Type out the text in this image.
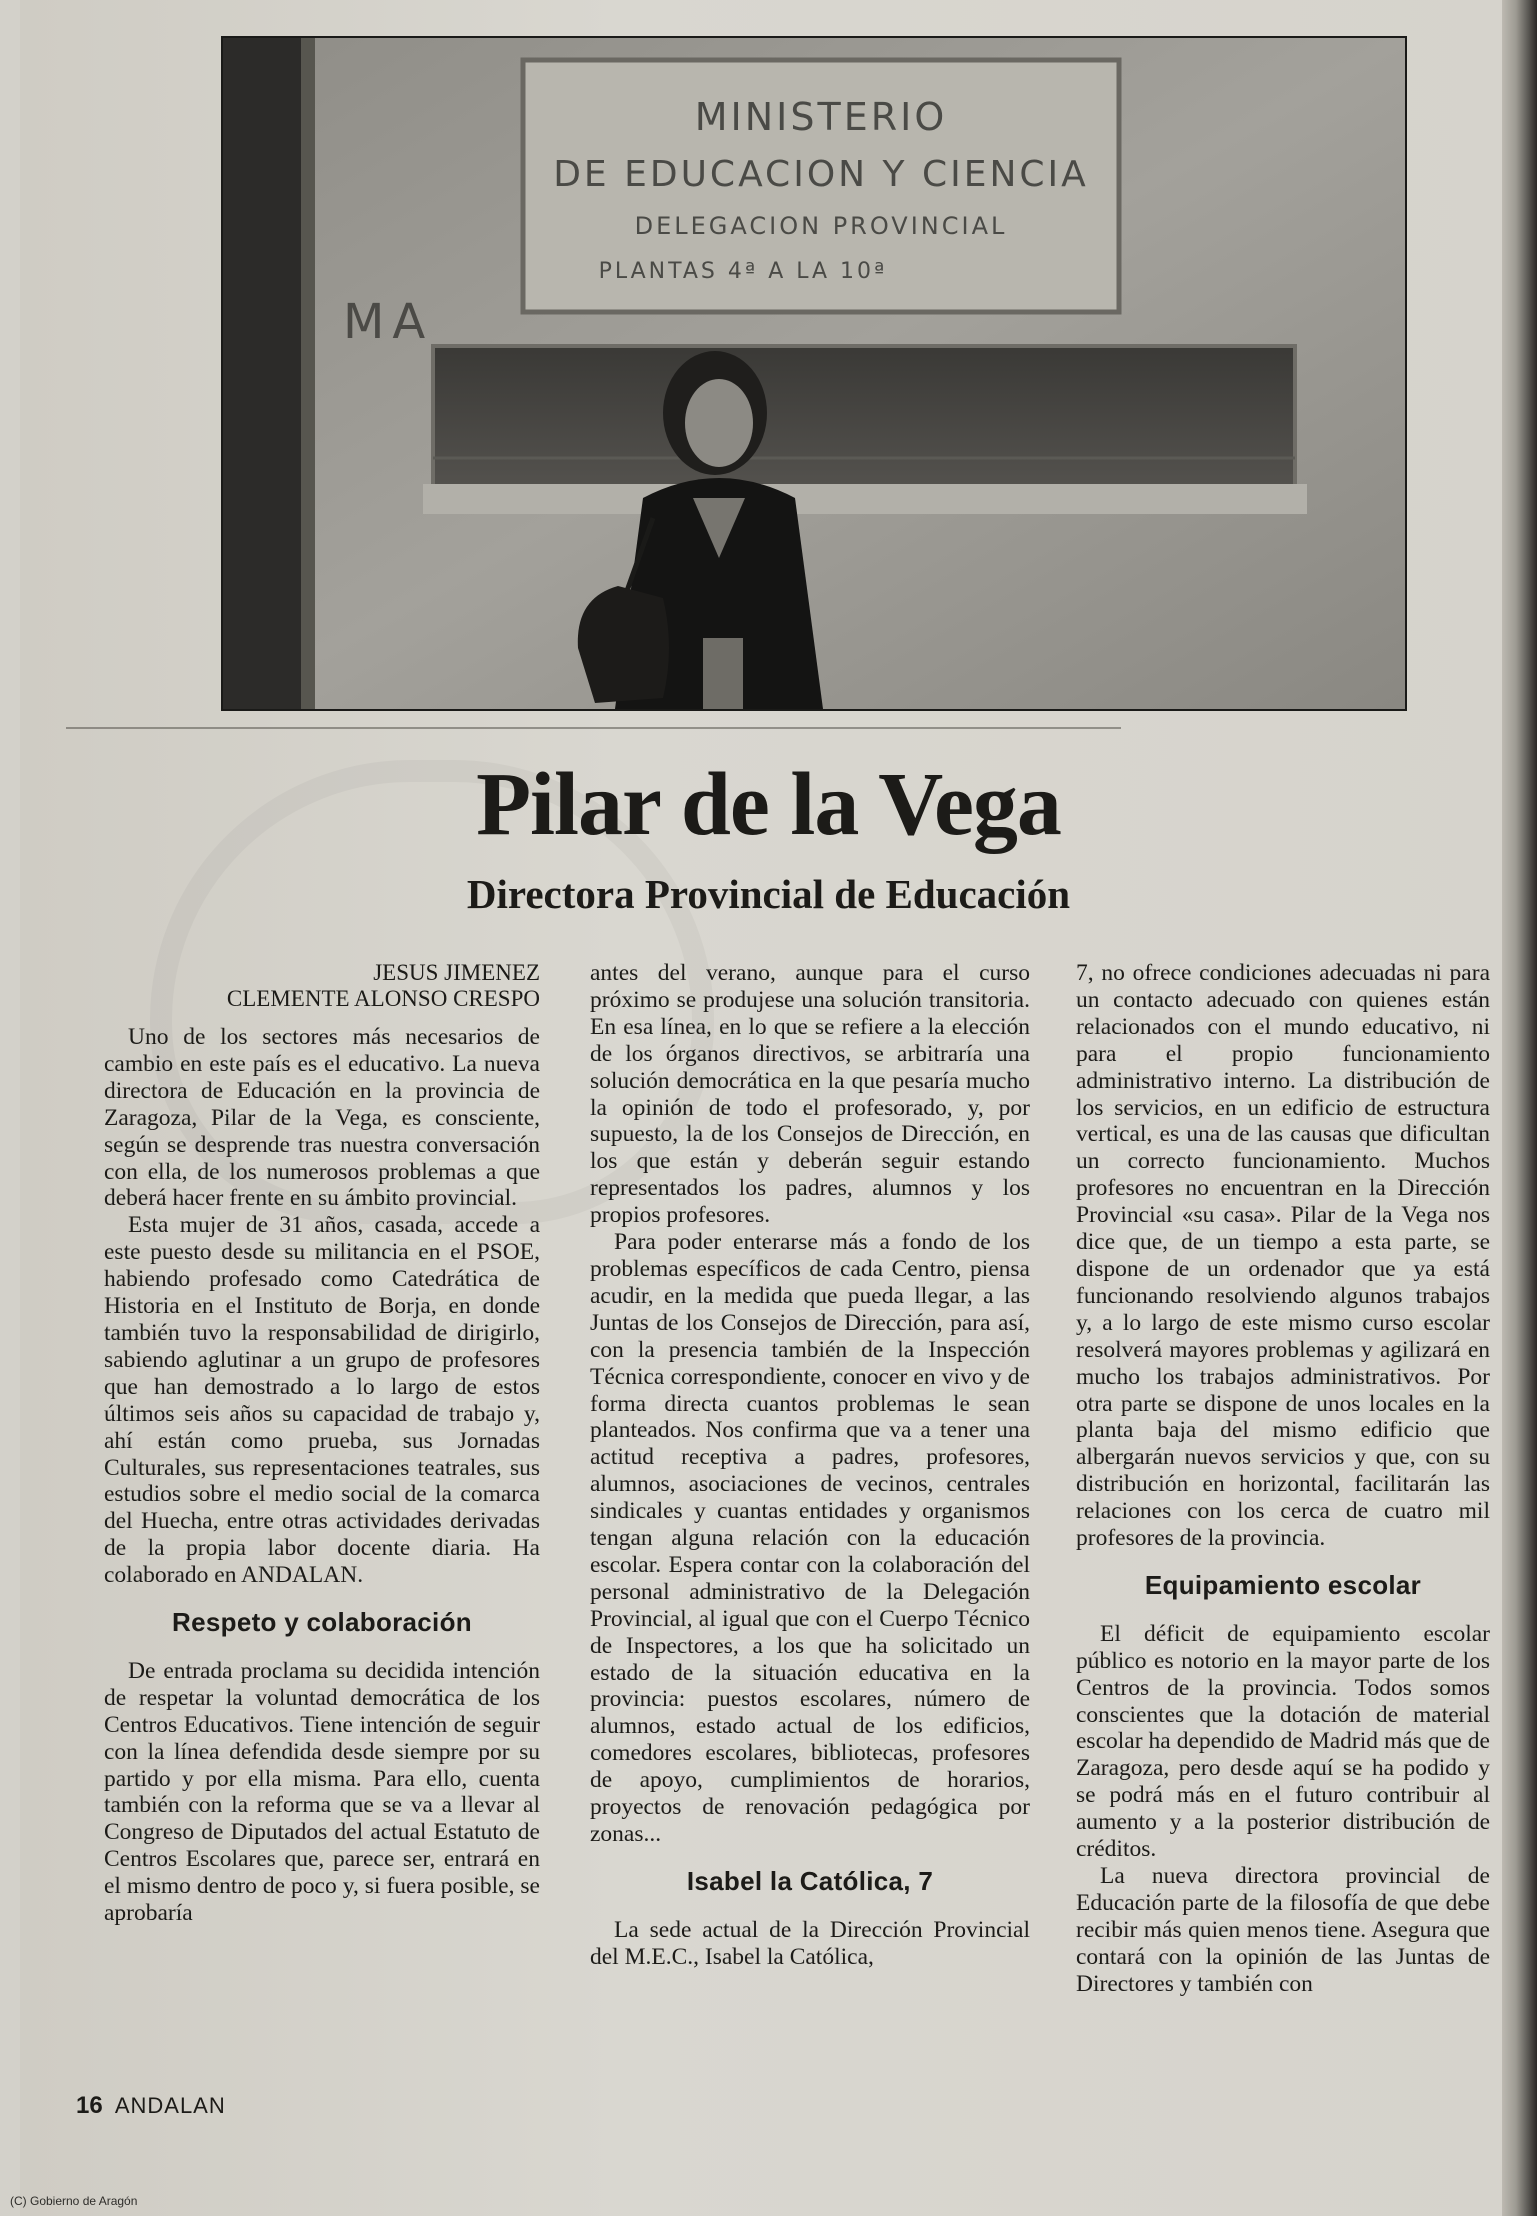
MINISTERIO
DE EDUCACION Y CIENCIA
DELEGACION PROVINCIAL
PLANTAS 4ª A LA 10ª
MA
Pilar de la Vega
Directora Provincial de Educación
JESUS JIMENEZ
CLEMENTE ALONSO CRESPO

Uno de los sectores más necesarios de cambio en este país es el educativo. La nueva directora de Educación en la provincia de Zaragoza, Pilar de la Vega, es consciente, según se desprende tras nuestra conversación con ella, de los numerosos problemas a que deberá hacer frente en su ámbito provincial.

Esta mujer de 31 años, casada, accede a este puesto desde su militancia en el PSOE, habiendo profesado como Catedrática de Historia en el Instituto de Borja, en donde también tuvo la responsabilidad de dirigirlo, sabiendo aglutinar a un grupo de profesores que han demostrado a lo largo de estos últimos seis años su capacidad de trabajo y, ahí están como prueba, sus Jornadas Culturales, sus representaciones teatrales, sus estudios sobre el medio social de la comarca del Huecha, entre otras actividades derivadas de la propia labor docente diaria. Ha colaborado en ANDALAN.

Respeto y colaboración

De entrada proclama su decidida intención de respetar la voluntad democrática de los Centros Educativos. Tiene intención de seguir con la línea defendida desde siempre por su partido y por ella misma. Para ello, cuenta también con la reforma que se va a llevar al Congreso de Diputados del actual Estatuto de Centros Escolares que, parece ser, entrará en el mismo dentro de poco y, si fuera posible, se aprobaría

antes del verano, aunque para el curso próximo se produjese una solución transitoria. En esa línea, en lo que se refiere a la elección de los órganos directivos, se arbitraría una solución democrática en la que pesaría mucho la opinión de todo el profesorado, y, por supuesto, la de los Consejos de Dirección, en los que están y deberán seguir estando representados los padres, alumnos y los propios profesores.

Para poder enterarse más a fondo de los problemas específicos de cada Centro, piensa acudir, en la medida que pueda llegar, a las Juntas de los Consejos de Dirección, para así, con la presencia también de la Inspección Técnica correspondiente, conocer en vivo y de forma directa cuantos problemas le sean planteados. Nos confirma que va a tener una actitud receptiva a padres, profesores, alumnos, asociaciones de vecinos, centrales sindicales y cuantas entidades y organismos tengan alguna relación con la educación escolar. Espera contar con la colaboración del personal administrativo de la Delegación Provincial, al igual que con el Cuerpo Técnico de Inspectores, a los que ha solicitado un estado de la situación educativa en la provincia: puestos escolares, número de alumnos, estado actual de los edificios, comedores escolares, bibliotecas, profesores de apoyo, cumplimientos de horarios, proyectos de renovación pedagógica por zonas...

Isabel la Católica, 7

La sede actual de la Dirección Provincial del M.E.C., Isabel la Católica,

7, no ofrece condiciones adecuadas ni para un contacto adecuado con quienes están relacionados con el mundo educativo, ni para el propio funcionamiento administrativo interno. La distribución de los servicios, en un edificio de estructura vertical, es una de las causas que dificultan un correcto funcionamiento. Muchos profesores no encuentran en la Dirección Provincial «su casa». Pilar de la Vega nos dice que, de un tiempo a esta parte, se dispone de un ordenador que ya está funcionando resolviendo algunos trabajos y, a lo largo de este mismo curso escolar resolverá mayores problemas y agilizará en mucho los trabajos administrativos. Por otra parte se dispone de unos locales en la planta baja del mismo edificio que albergarán nuevos servicios y que, con su distribución en horizontal, facilitarán las relaciones con los cerca de cuatro mil profesores de la provincia.

Equipamiento escolar

El déficit de equipamiento escolar público es notorio en la mayor parte de los Centros de la provincia. Todos somos conscientes que la dotación de material escolar ha dependido de Madrid más que de Zaragoza, pero desde aquí se ha podido y se podrá más en el futuro contribuir al aumento y a la posterior distribución de créditos.

La nueva directora provincial de Educación parte de la filosofía de que debe recibir más quien menos tiene. Asegura que contará con la opinión de las Juntas de Directores y también con

16 ANDALAN
(C) Gobierno de Aragón
